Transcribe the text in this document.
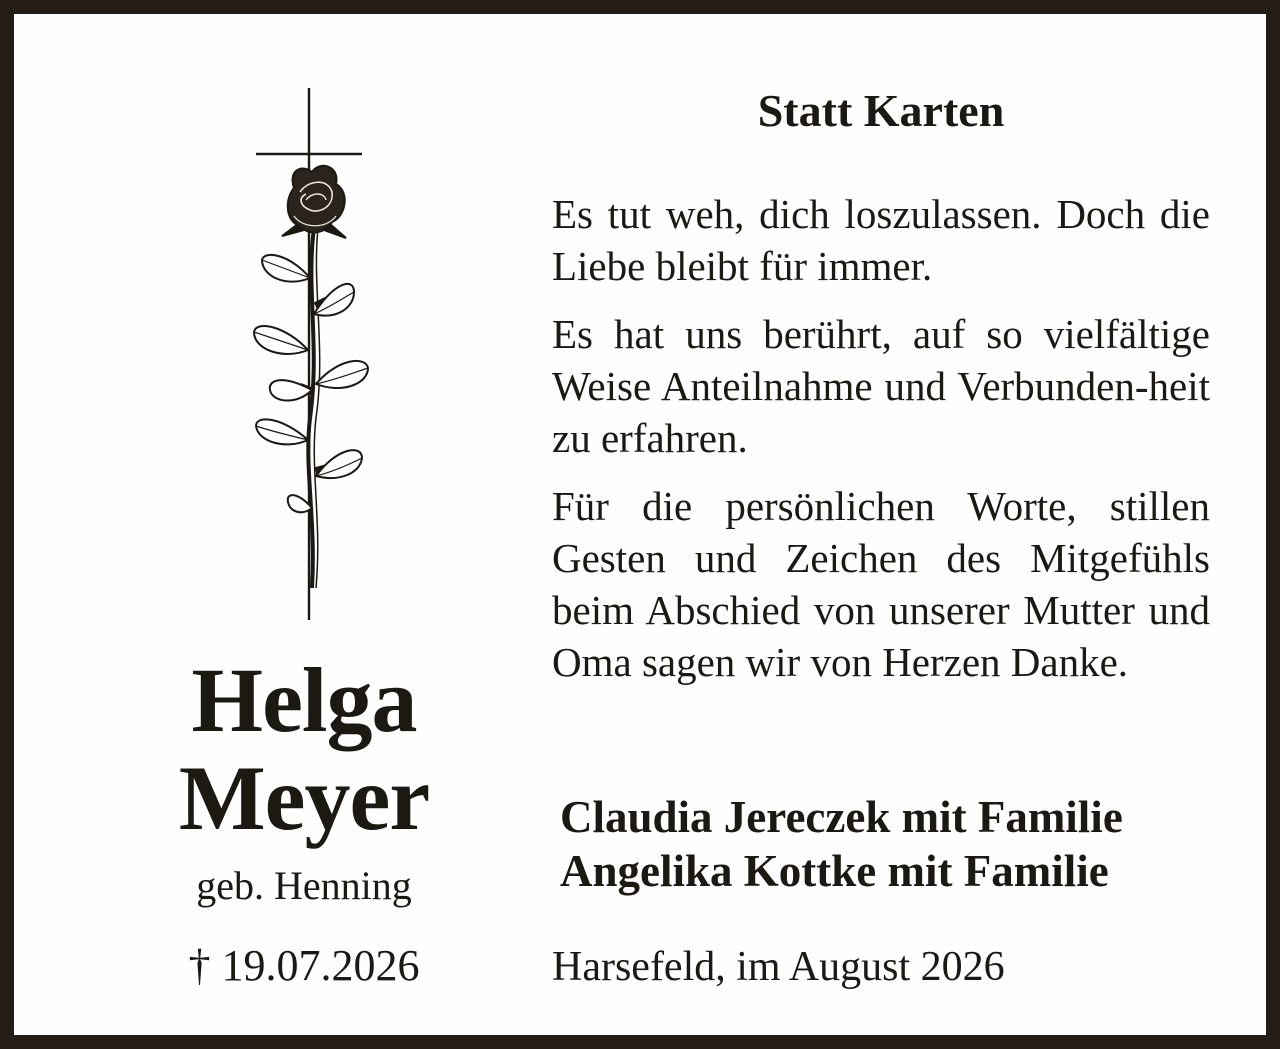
Helga
Meyer
geb. Henning
† 19.07.2026
Statt Karten

Es tut weh, dich loszulassen. Doch die Liebe bleibt für immer.

Es hat uns berührt, auf so vielfältige Weise Anteilnahme und Verbunden-heit zu erfahren.

Für die persönlichen Worte, stillen Gesten und Zeichen des Mitgefühls beim Abschied von unserer Mutter und Oma sagen wir von Herzen Danke.

Claudia Jereczek mit Familie
Angelika Kottke mit Familie
Harsefeld, im August 2026
